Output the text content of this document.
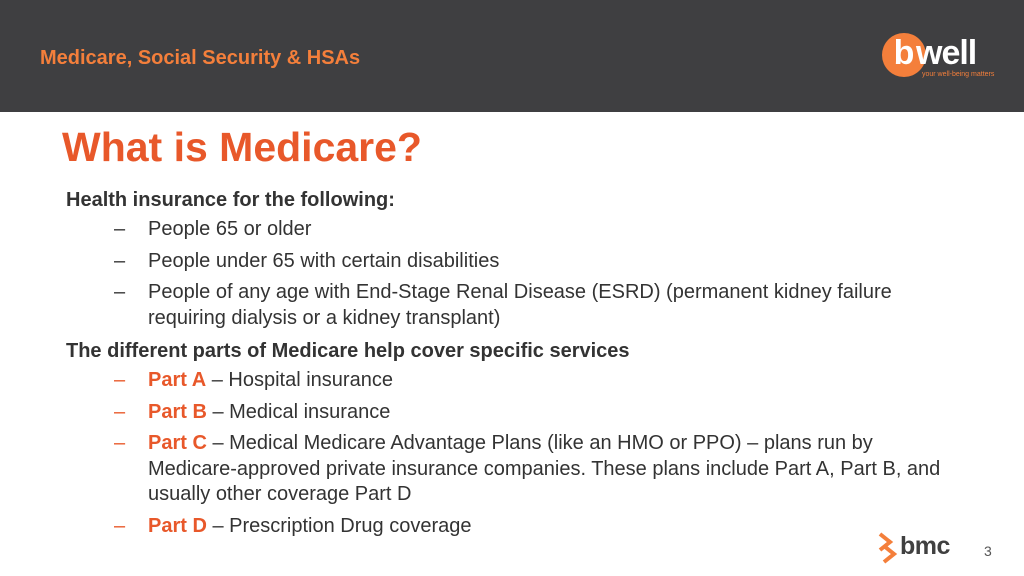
Medicare, Social Security & HSAs	b well
your well-being matters
What is Medicare?
Health insurance for the following:
– People 65 or older
– People under 65 with certain disabilities
– People of any age with End-Stage Renal Disease (ESRD) (permanent kidney failure requiring dialysis or a kidney transplant)
The different parts of Medicare help cover specific services
– Part A – Hospital insurance
– Part B – Medical insurance
– Part C – Medical Medicare Advantage Plans (like an HMO or PPO) – plans run by Medicare-approved private insurance companies. These plans include Part A, Part B, and usually other coverage Part D
– Part D – Prescription Drug coverage
bmc 3
